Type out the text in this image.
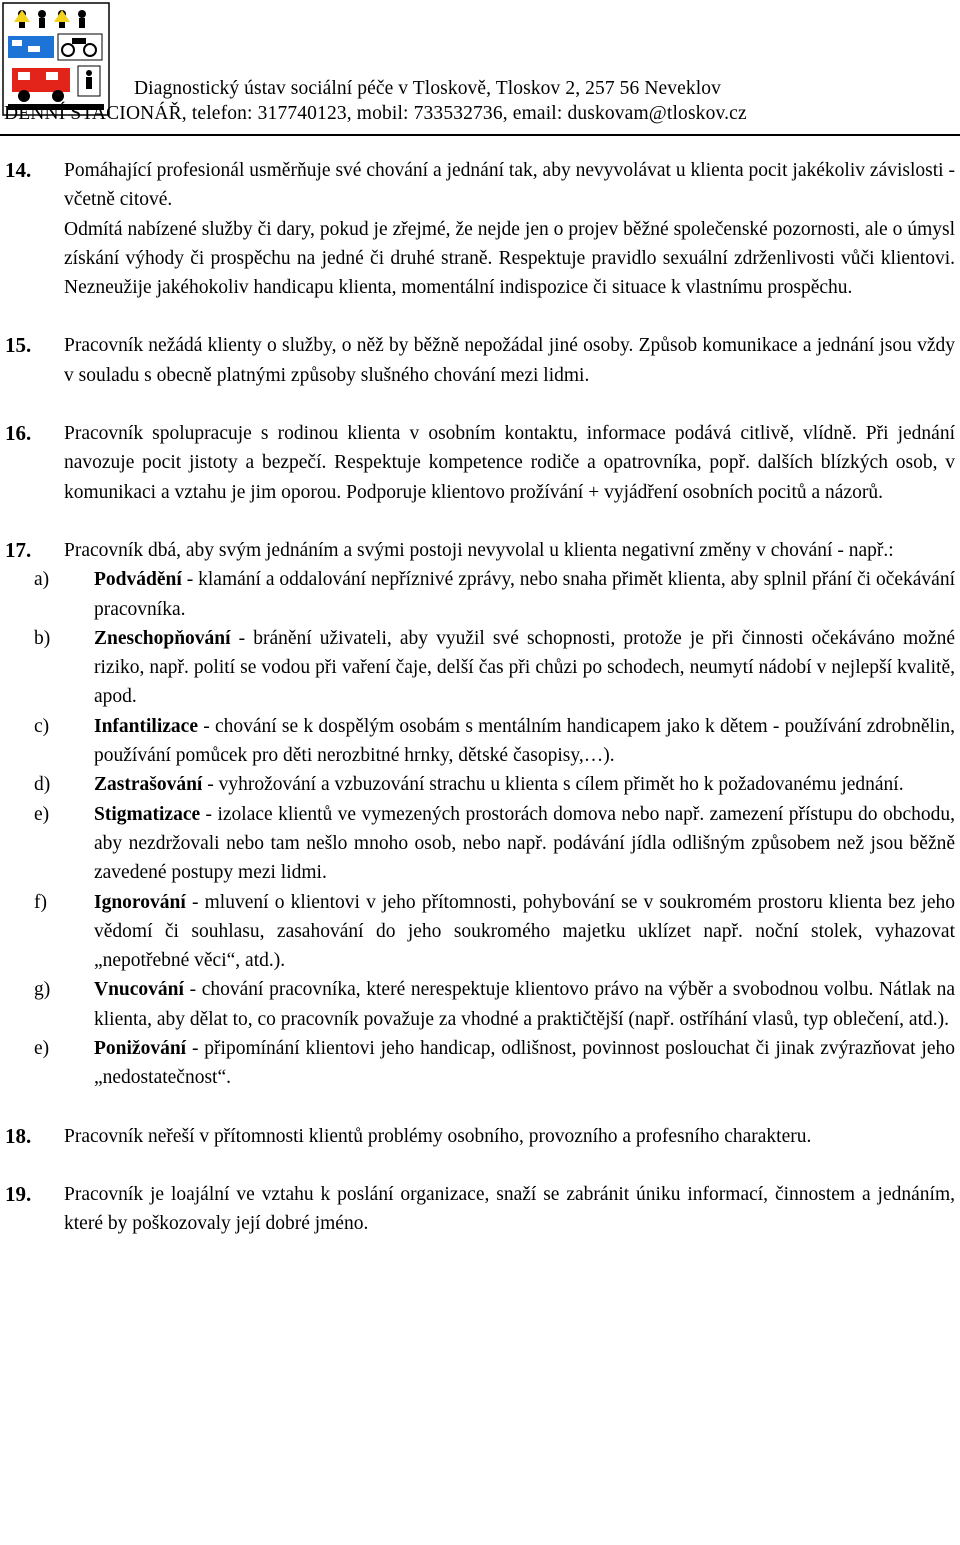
Diagnostický ústav sociální péče v Tloskově, Tloskov 2, 257 56 Neveklov
DENNÍ STACIONÁŘ, telefon: 317740123, mobil: 733532736, email: duskovam@tloskov.cz
14. Pomáhající profesionál usměrňuje své chování a jednání tak, aby nevyvolávat u klienta pocit jakékoliv závislosti - včetně citové.

Odmítá nabízené služby či dary, pokud je zřejmé, že nejde jen o projev běžné společenské pozornosti, ale o úmysl získání výhody či prospěchu na jedné či druhé straně. Respektuje pravidlo sexuální zdrženlivosti vůči klientovi. Nezneužije jakéhokoliv handicapu klienta, momentální indispozice či situace k vlastnímu prospěchu.

15. Pracovník nežádá klienty o služby, o něž by běžně nepožádal jiné osoby. Způsob komunikace a jednání jsou vždy v souladu s obecně platnými způsoby slušného chování mezi lidmi.

16. Pracovník spolupracuje s rodinou klienta v osobním kontaktu, informace podává citlivě, vlídně. Při jednání navozuje pocit jistoty a bezpečí. Respektuje kompetence rodiče a opatrovníka, popř. dalších blízkých osob, v komunikaci a vztahu je jim oporou. Podporuje klientovo prožívání + vyjádření osobních pocitů a názorů.

17. Pracovník dbá, aby svým jednáním a svými postoji nevyvolal u klienta negativní změny v chování - např.:

a) Podvádění - klamání a oddalování nepříznivé zprávy, nebo snaha přimět klienta, aby splnil přání či očekávání pracovníka.

b) Zneschopňování - bránění uživateli, aby využil své schopnosti, protože je při činnosti očekáváno možné riziko, např. polití se vodou při vaření čaje, delší čas při chůzi po schodech, neumytí nádobí v nejlepší kvalitě, apod.

c) Infantilizace - chování se k dospělým osobám s mentálním handicapem jako k dětem - používání zdrobnělin, používání pomůcek pro děti nerozbitné hrnky, dětské časopisy,…).

d) Zastrašování - vyhrožování a vzbuzování strachu u klienta s cílem přimět ho k požadovanému jednání.

e) Stigmatizace - izolace klientů ve vymezených prostorách domova nebo např. zamezení přístupu do obchodu, aby nezdržovali nebo tam nešlo mnoho osob, nebo např. podávání jídla odlišným způsobem než jsou běžně zavedené postupy mezi lidmi.

f) Ignorování - mluvení o klientovi v jeho přítomnosti, pohybování se v soukromém prostoru klienta bez jeho vědomí či souhlasu, zasahování do jeho soukromého majetku uklízet např. noční stolek, vyhazovat „nepotřebné věci“, atd.).

g) Vnucování - chování pracovníka, které nerespektuje klientovo právo na výběr a svobodnou volbu. Nátlak na klienta, aby dělat to, co pracovník považuje za vhodné a praktičtější (např. ostříhání vlasů, typ oblečení, atd.).

e) Ponižování - připomínání klientovi jeho handicap, odlišnost, povinnost poslouchat či jinak zvýrazňovat jeho „nedostatečnost“.

18. Pracovník neřeší v přítomnosti klientů problémy osobního, provozního a profesního charakteru.

19. Pracovník je loajální ve vztahu k poslání organizace, snaží se zabránit úniku informací, činnostem a jednáním, které by poškozovaly její dobré jméno.
